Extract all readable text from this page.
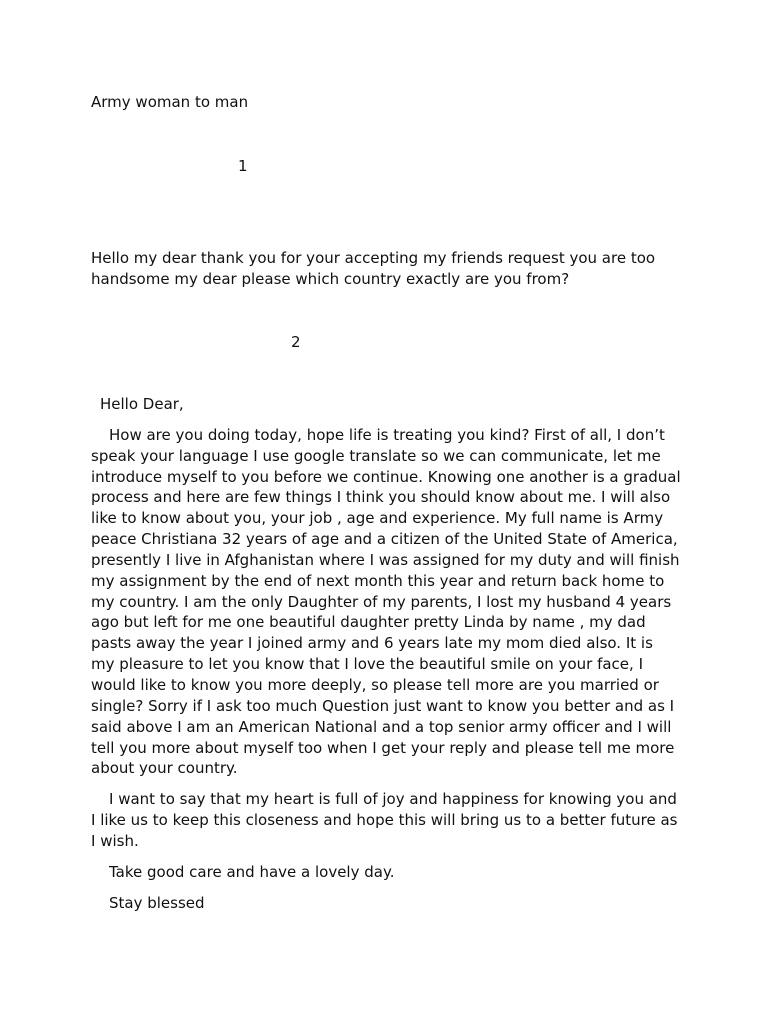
Army woman to man

1

Hello my dear thank you for your accepting my friends request you are too handsome my dear please which country exactly are you from?

2

Hello Dear,

How are you doing today, hope life is treating you kind? First of all, I don’t speak your language I use google translate so we can communicate, let me introduce myself to you before we continue. Knowing one another is a gradual process and here are few things I think you should know about me. I will also like to know about you, your job , age and experience. My full name is Army peace Christiana 32 years of age and a citizen of the United State of America, presently I live in Afghanistan where I was assigned for my duty and will finish my assignment by the end of next month this year and return back home to my country. I am the only Daughter of my parents, I lost my husband 4 years ago but left for me one beautiful daughter pretty Linda by name , my dad pasts away the year I joined army and 6 years late my mom died also. It is my pleasure to let you know that I love the beautiful smile on your face, I would like to know you more deeply, so please tell more are you married or single? Sorry if I ask too much Question just want to know you better and as I said above I am an American National and a top senior army officer and I will tell you more about myself too when I get your reply and please tell me more about your country.

I want to say that my heart is full of joy and happiness for knowing you and I like us to keep this closeness and hope this will bring us to a better future as I wish.

Take good care and have a lovely day.

Stay blessed
